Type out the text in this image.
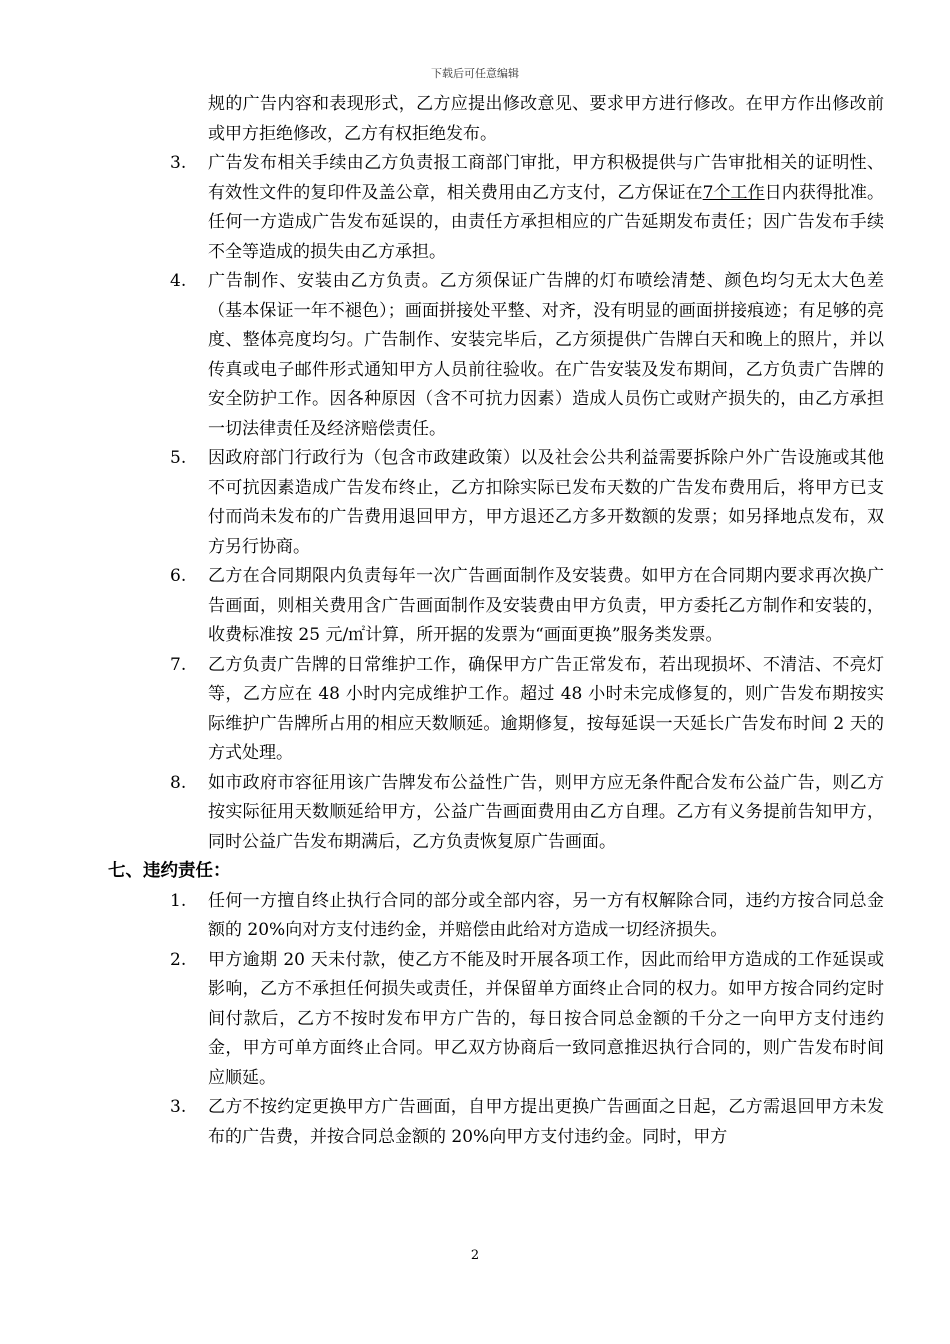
下载后可任意编辑
规的广告内容和表现形式，乙方应提出修改意见、要求甲方进行修改。在甲方作出修改前或甲方拒绝修改，乙方有权拒绝发布。
3. 广告发布相关手续由乙方负责报工商部门审批，甲方积极提供与广告审批相关的证明性、有效性文件的复印件及盖公章，相关费用由乙方支付，乙方保证在7个工作日内获得批准。任何一方造成广告发布延误的，由责任方承担相应的广告延期发布责任；因广告发布手续不全等造成的损失由乙方承担。
4. 广告制作、安装由乙方负责。乙方须保证广告牌的灯布喷绘清楚、颜色均匀无太大色差（基本保证一年不褪色）；画面拼接处平整、对齐，没有明显的画面拼接痕迹；有足够的亮度、整体亮度均匀。广告制作、安装完毕后，乙方须提供广告牌白天和晚上的照片，并以传真或电子邮件形式通知甲方人员前往验收。在广告安装及发布期间，乙方负责广告牌的安全防护工作。因各种原因（含不可抗力因素）造成人员伤亡或财产损失的，由乙方承担一切法律责任及经济赔偿责任。
5. 因政府部门行政行为（包含市政建政策）以及社会公共利益需要拆除户外广告设施或其他不可抗因素造成广告发布终止，乙方扣除实际已发布天数的广告发布费用后，将甲方已支付而尚未发布的广告费用退回甲方，甲方退还乙方多开数额的发票；如另择地点发布，双方另行协商。
6. 乙方在合同期限内负责每年一次广告画面制作及安装费。如甲方在合同期内要求再次换广告画面，则相关费用含广告画面制作及安装费由甲方负责，甲方委托乙方制作和安装的，收费标准按 25 元/㎡计算，所开据的发票为“画面更换”服务类发票。
7. 乙方负责广告牌的日常维护工作，确保甲方广告正常发布，若出现损坏、不清洁、不亮灯等，乙方应在 48 小时内完成维护工作。超过 48 小时未完成修复的，则广告发布期按实际维护广告牌所占用的相应天数顺延。逾期修复，按每延误一天延长广告发布时间 2 天的方式处理。
8. 如市政府市容征用该广告牌发布公益性广告，则甲方应无条件配合发布公益广告，则乙方按实际征用天数顺延给甲方，公益广告画面费用由乙方自理。乙方有义务提前告知甲方，同时公益广告发布期满后，乙方负责恢复原广告画面。
七、违约责任：
1. 任何一方擅自终止执行合同的部分或全部内容，另一方有权解除合同，违约方按合同总金额的 20%向对方支付违约金，并赔偿由此给对方造成一切经济损失。
2. 甲方逾期 20 天未付款，使乙方不能及时开展各项工作，因此而给甲方造成的工作延误或影响，乙方不承担任何损失或责任，并保留单方面终止合同的权力。如甲方按合同约定时间付款后，乙方不按时发布甲方广告的，每日按合同总金额的千分之一向甲方支付违约金，甲方可单方面终止合同。甲乙双方协商后一致同意推迟执行合同的，则广告发布时间应顺延。
3. 乙方不按约定更换甲方广告画面，自甲方提出更换广告画面之日起，乙方需退回甲方未发布的广告费，并按合同总金额的 20%向甲方支付违约金。同时，甲方
2
